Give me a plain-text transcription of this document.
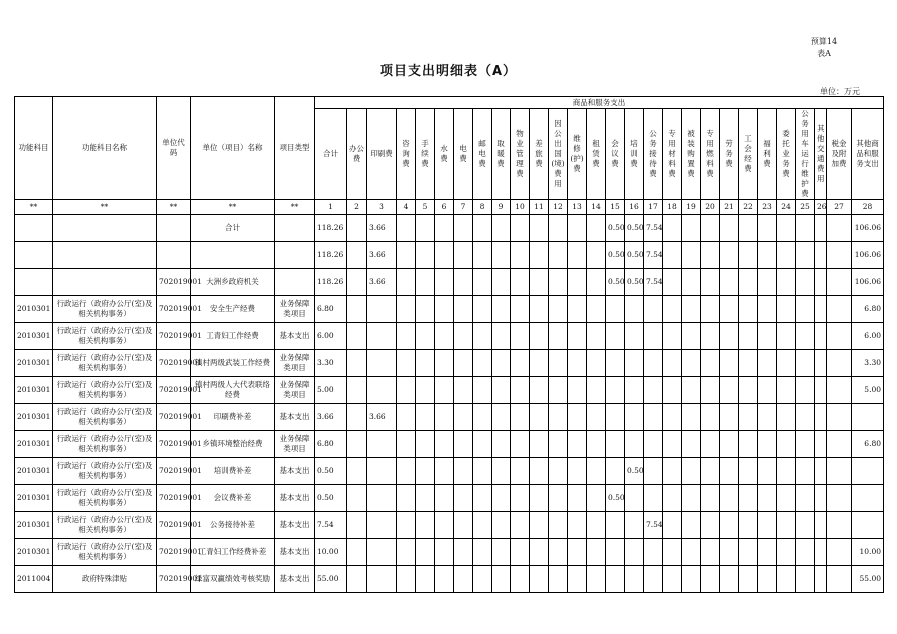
预算14
表A
项目支出明细表（A）
单位：万元
功能科目	功能科目名称	单位代码	单位（项目）名称	项目类型	商品和服务支出																											
					合计	办公费	印刷费	咨询费	手续费	水费	电费	邮电费	取暖费	物业管理费	差旅费	因公出国(境)费用	维修(护)费	租赁费	会议费	培训费	公务接待费	专用材料费	被装购置费	专用燃料费	劳务费	工会经费	福利费	委托业务费	公务用车运行维护费	其他交通费用	税金及附加费	其他商品和服务支出
**	**	**	**	**	1	2	3	4	5	6	7	8	9	10	11	12	13	14	15	16	17	18	19	20	21	22	23	24	25	26	27	28
			合计		118.26		3.66												0.50	0.50	7.54											106.06
					118.26		3.66												0.50	0.50	7.54											106.06
		702019001	大洲乡政府机关		118.26		3.66												0.50	0.50	7.54											106.06
2010301	行政运行（政府办公厅(室)及相关机构事务）	702019001	安全生产经费	业务保障类项目	6.80																											6.80
2010301	行政运行（政府办公厅(室)及相关机构事务）	702019001	工青妇工作经费	基本支出	6.00																											6.00
2010301	行政运行（政府办公厅(室)及相关机构事务）	702019001	镇村两级武装工作经费	业务保障类项目	3.30																											3.30
2010301	行政运行（政府办公厅(室)及相关机构事务）	702019001	镇村两级人大代表联络经费	业务保障类项目	5.00																											5.00
2010301	行政运行（政府办公厅(室)及相关机构事务）	702019001	印刷费补差	基本支出	3.66		3.66																									
2010301	行政运行（政府办公厅(室)及相关机构事务）	702019001	乡镇环境整治经费	业务保障类项目	6.80																											6.80
2010301	行政运行（政府办公厅(室)及相关机构事务）	702019001	培训费补差	基本支出	0.50															0.50												
2010301	行政运行（政府办公厅(室)及相关机构事务）	702019001	会议费补差	基本支出	0.50														0.50													
2010301	行政运行（政府办公厅(室)及相关机构事务）	702019001	公务接待补差	基本支出	7.54																7.54											
2010301	行政运行（政府办公厅(室)及相关机构事务）	702019001	工青妇工作经费补差	基本支出	10.00																											10.00
2011004	政府特殊津贴	702019001	绿富双赢绩效考核奖励	基本支出	55.00																											55.00
